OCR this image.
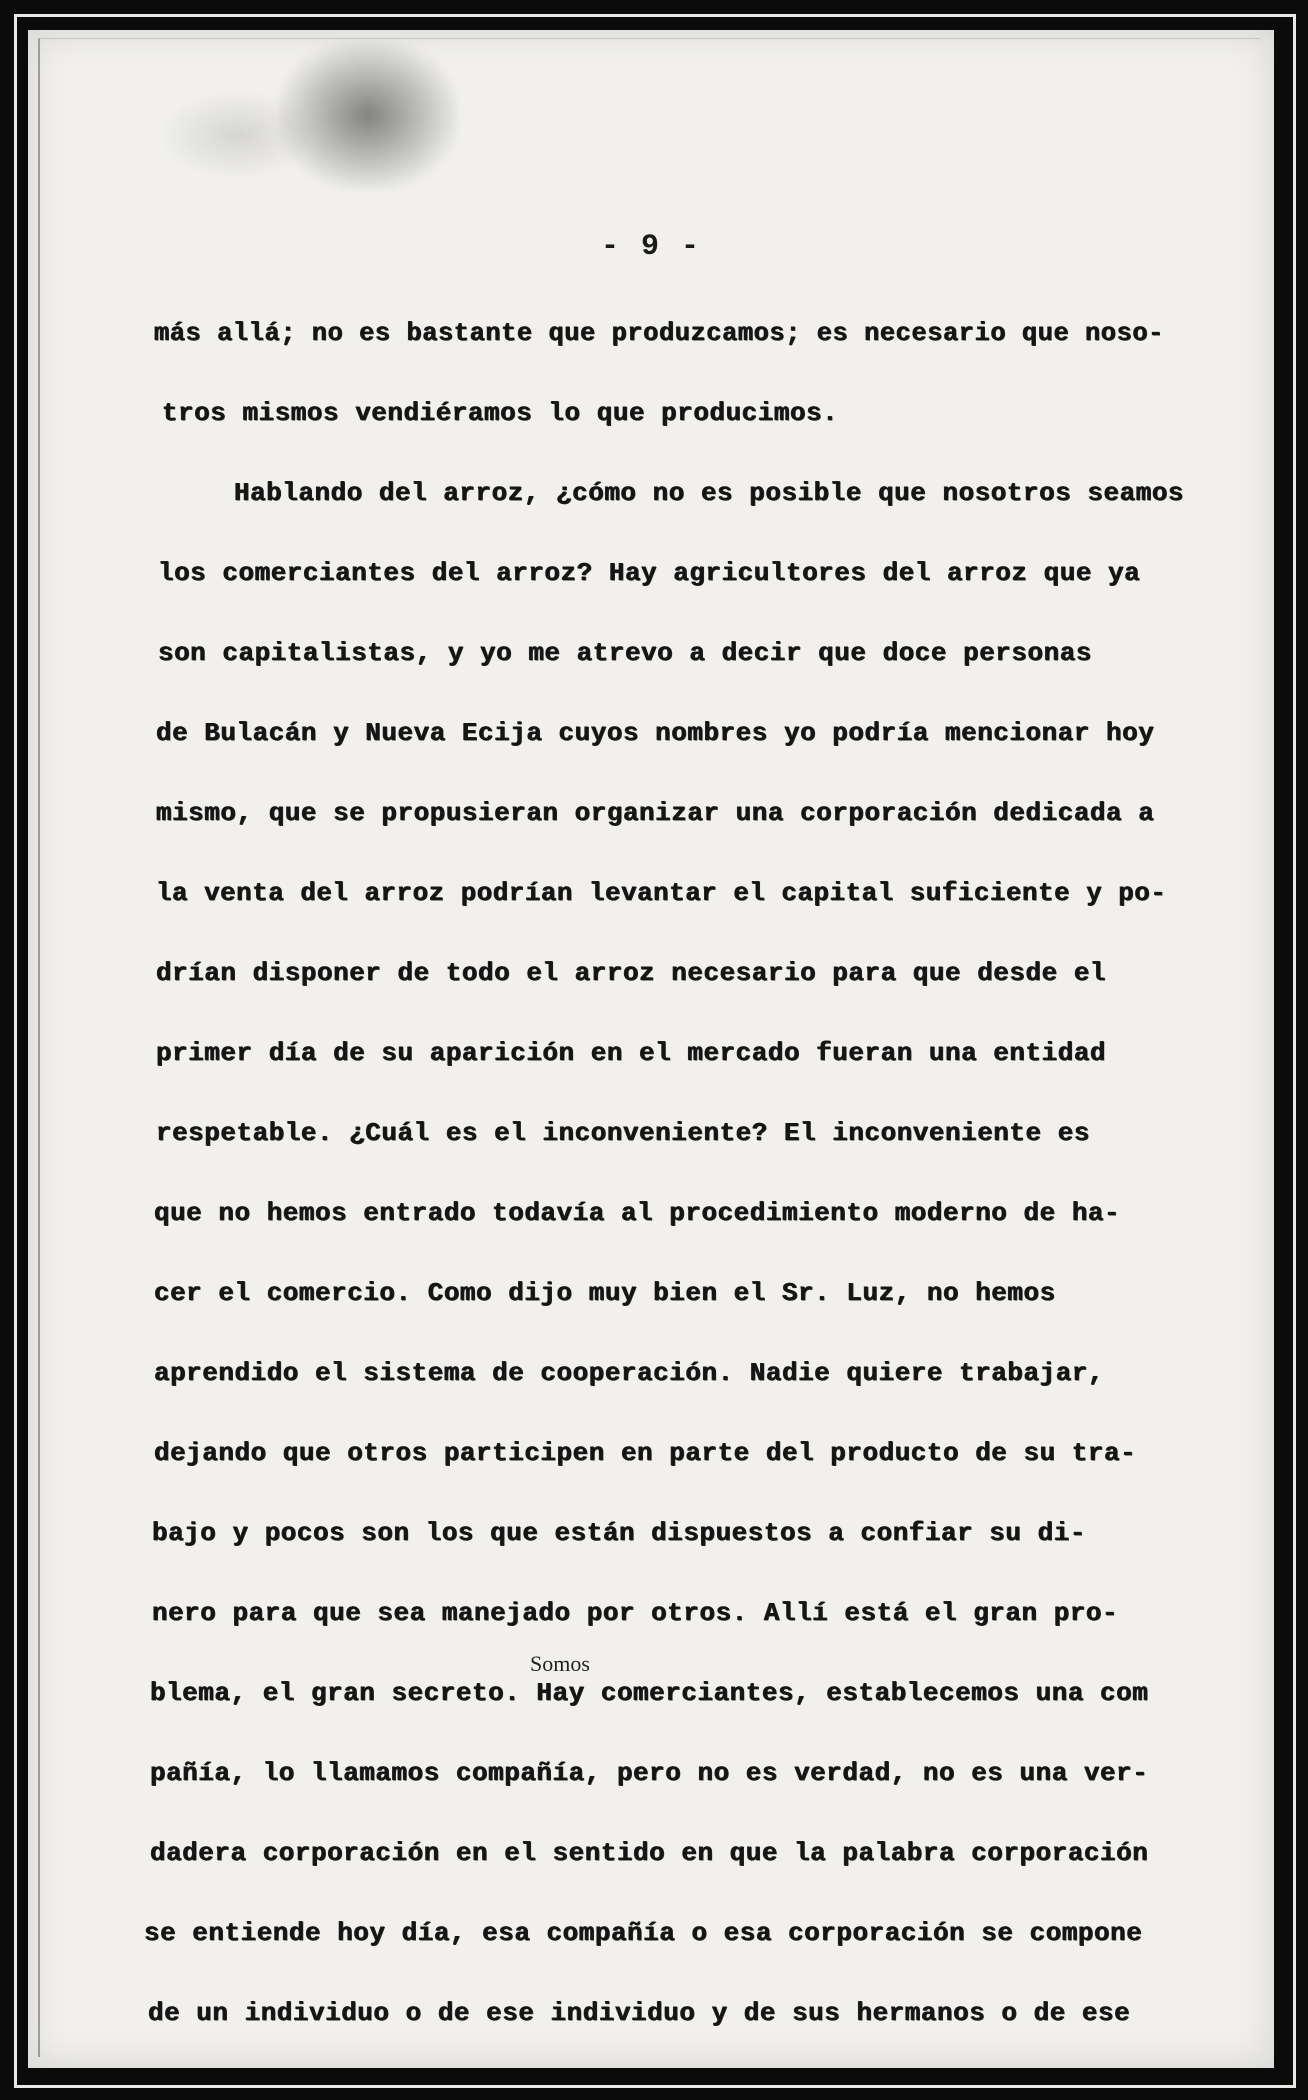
- 9 -
más allá; no es bastante que produzcamos; es necesario que noso-
tros mismos vendiéramos lo que producimos.
Hablando del arroz, ¿cómo no es posible que nosotros seamos
los comerciantes del arroz? Hay agricultores del arroz que ya
son capitalistas, y yo me atrevo a decir que doce personas
de Bulacán y Nueva Ecija cuyos nombres yo podría mencionar hoy
mismo, que se propusieran organizar una corporación dedicada a
la venta del arroz podrían levantar el capital suficiente y po-
drían disponer de todo el arroz necesario para que desde el
primer día de su aparición en el mercado fueran una entidad
respetable. ¿Cuál es el inconveniente? El inconveniente es
que no hemos entrado todavía al procedimiento moderno de ha-
cer el comercio. Como dijo muy bien el Sr. Luz, no hemos
aprendido el sistema de cooperación. Nadie quiere trabajar,
dejando que otros participen en parte del producto de su tra-
bajo y pocos son los que están dispuestos a confiar su di-
nero para que sea manejado por otros. Allí está el gran pro-
Somos
blema, el gran secreto. Hay comerciantes, establecemos una com
pañía, lo llamamos compañía, pero no es verdad, no es una ver-
dadera corporación en el sentido en que la palabra corporación
se entiende hoy día, esa compañía o esa corporación se compone
de un individuo o de ese individuo y de sus hermanos o de ese
